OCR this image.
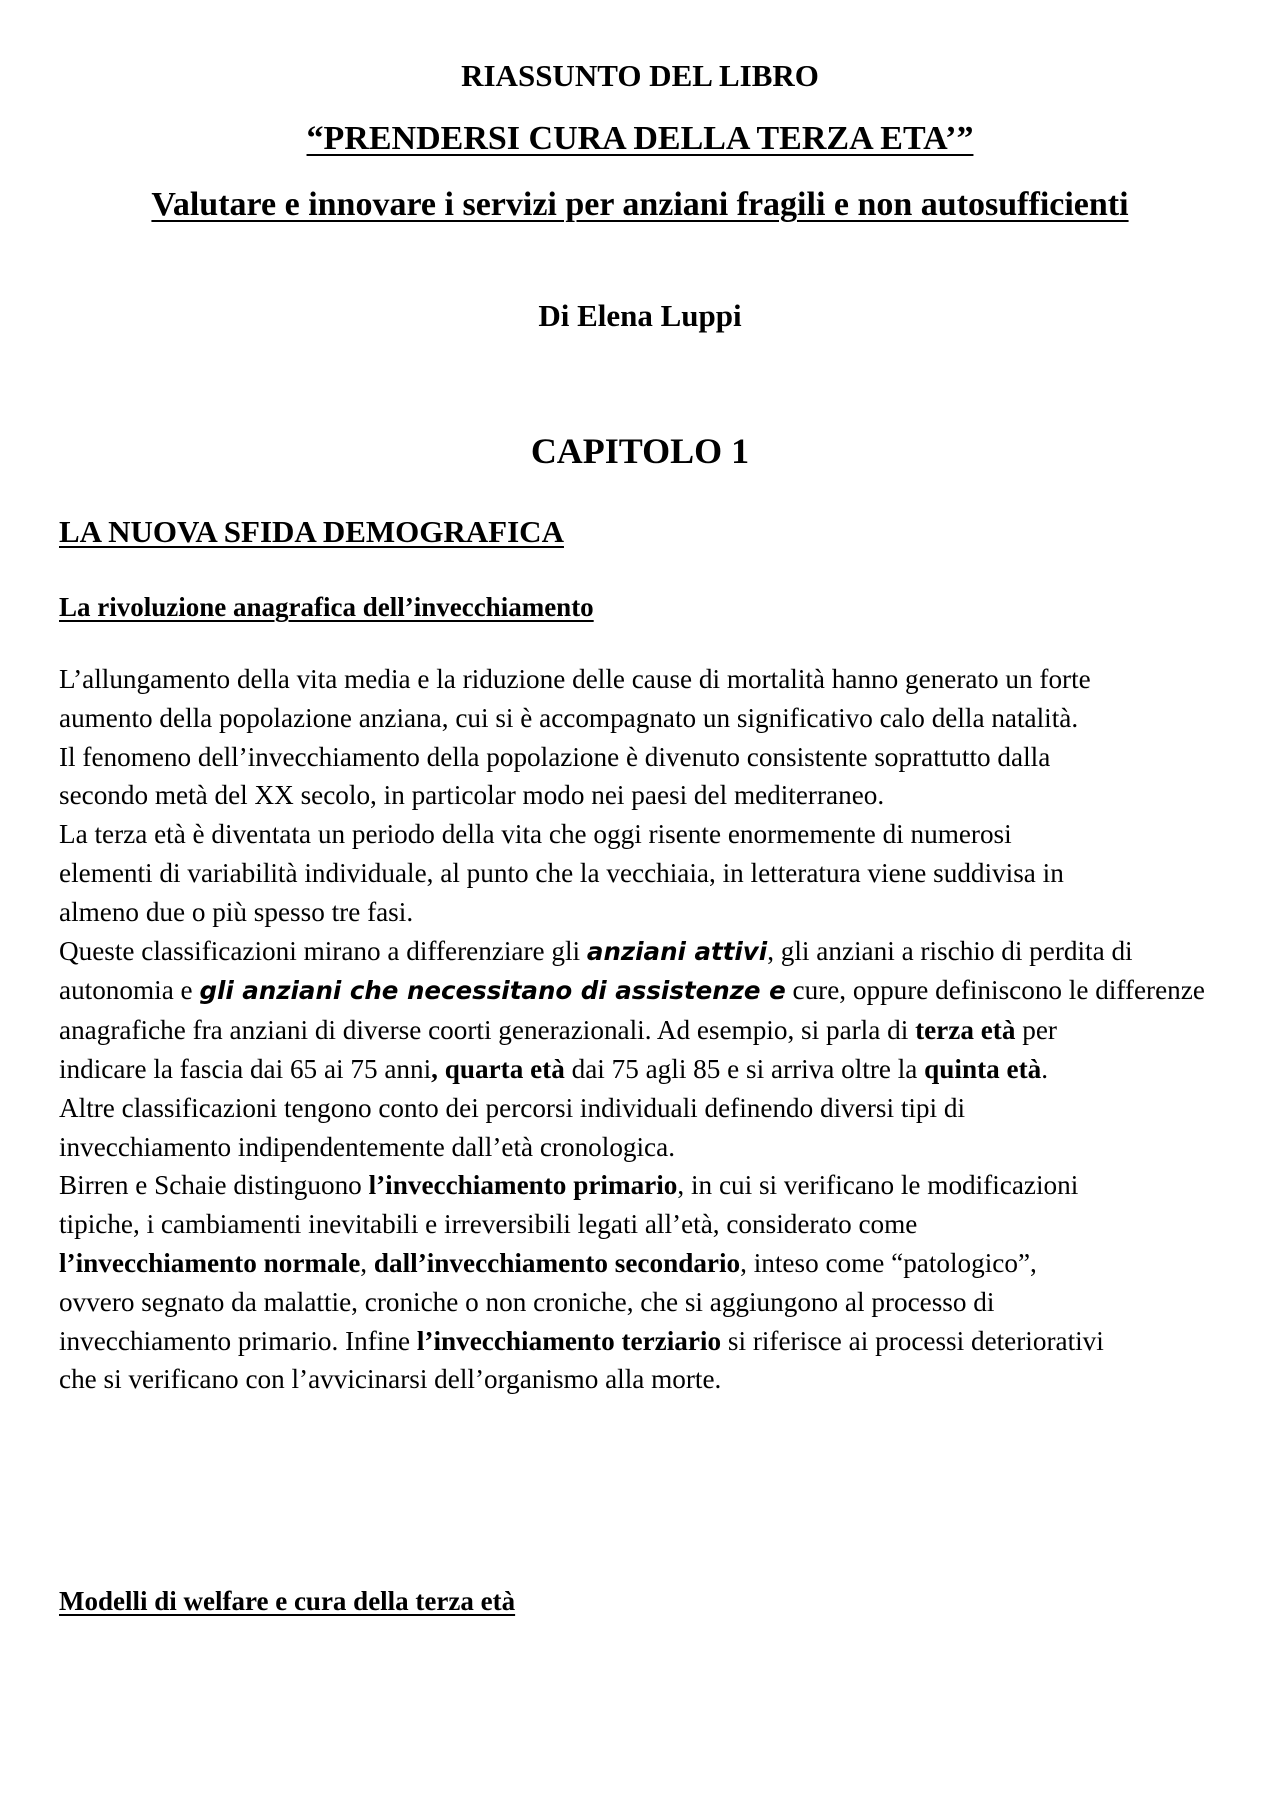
RIASSUNTO DEL LIBRO
“PRENDERSI CURA DELLA TERZA ETA’”
Valutare e innovare i servizi per anziani fragili e non autosufficienti
Di Elena Luppi
CAPITOLO 1
LA NUOVA SFIDA DEMOGRAFICA
La rivoluzione anagrafica dell’invecchiamento
L’allungamento della vita media e la riduzione delle cause di mortalità hanno generato un forte
aumento della popolazione anziana, cui si è accompagnato un significativo calo della natalità.
Il fenomeno dell’invecchiamento della popolazione è divenuto consistente soprattutto dalla
secondo metà del XX secolo, in particolar modo nei paesi del mediterraneo.
La terza età è diventata un periodo della vita che oggi risente enormemente di numerosi
elementi di variabilità individuale, al punto che la vecchiaia, in letteratura viene suddivisa in
almeno due o più spesso tre fasi.
Queste classificazioni mirano a differenziare gli anziani attivi, gli anziani a rischio di perdita di
autonomia e gli anziani che necessitano di assistenze e cure, oppure definiscono le differenze
anagrafiche fra anziani di diverse coorti generazionali. Ad esempio, si parla di terza età per
indicare la fascia dai 65 ai 75 anni, quarta età dai 75 agli 85 e si arriva oltre la quinta età.
Altre classificazioni tengono conto dei percorsi individuali definendo diversi tipi di
invecchiamento indipendentemente dall’età cronologica.
Birren e Schaie distinguono l’invecchiamento primario, in cui si verificano le modificazioni
tipiche, i cambiamenti inevitabili e irreversibili legati all’età, considerato come
l’invecchiamento normale, dall’invecchiamento secondario, inteso come “patologico”,
ovvero segnato da malattie, croniche o non croniche, che si aggiungono al processo di
invecchiamento primario. Infine l’invecchiamento terziario si riferisce ai processi deteriorativi
che si verificano con l’avvicinarsi dell’organismo alla morte.
Modelli di welfare e cura della terza età
